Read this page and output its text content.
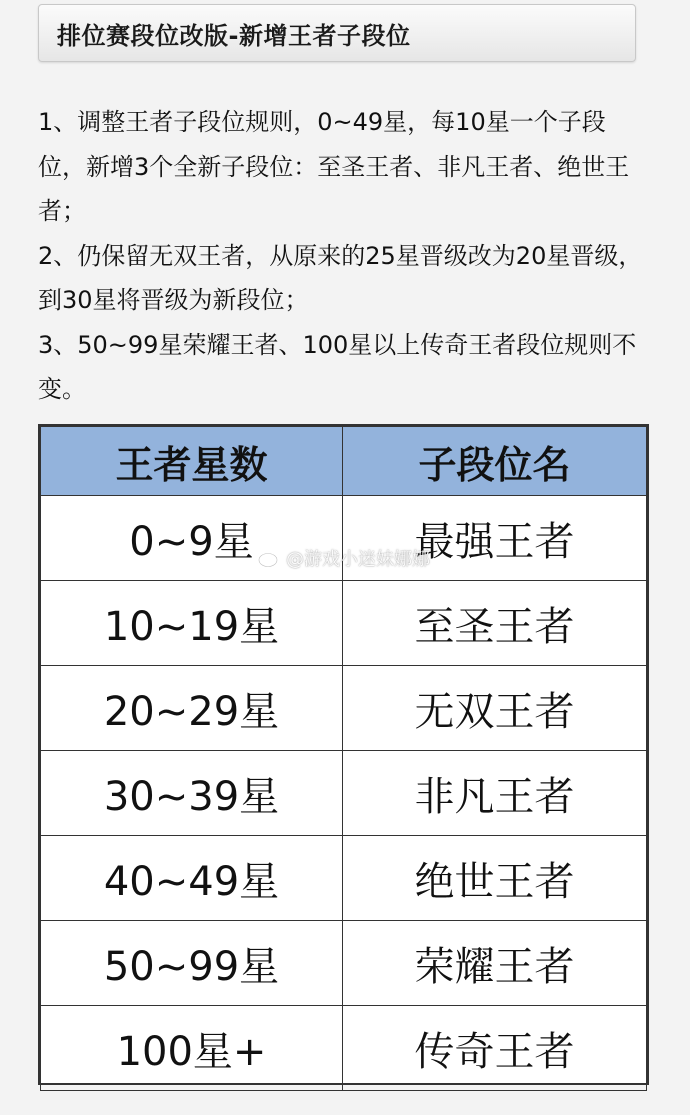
排位赛段位改版-新增王者子段位

1、调整王者子段位规则，0~49星，每10星一个子段位，新增3个全新子段位：至圣王者、非凡王者、绝世王者；

2、仍保留无双王者，从原来的25星晋级改为20星晋级，到30星将晋级为新段位；

3、50~99星荣耀王者、100星以上传奇王者段位规则不变。

王者星数	子段位名
0~9星	最强王者
10~19星	至圣王者
20~29星	无双王者
30~39星	非凡王者
40~49星	绝世王者
50~99星	荣耀王者
100星+	传奇王者
@游戏小迷妹娜娜
